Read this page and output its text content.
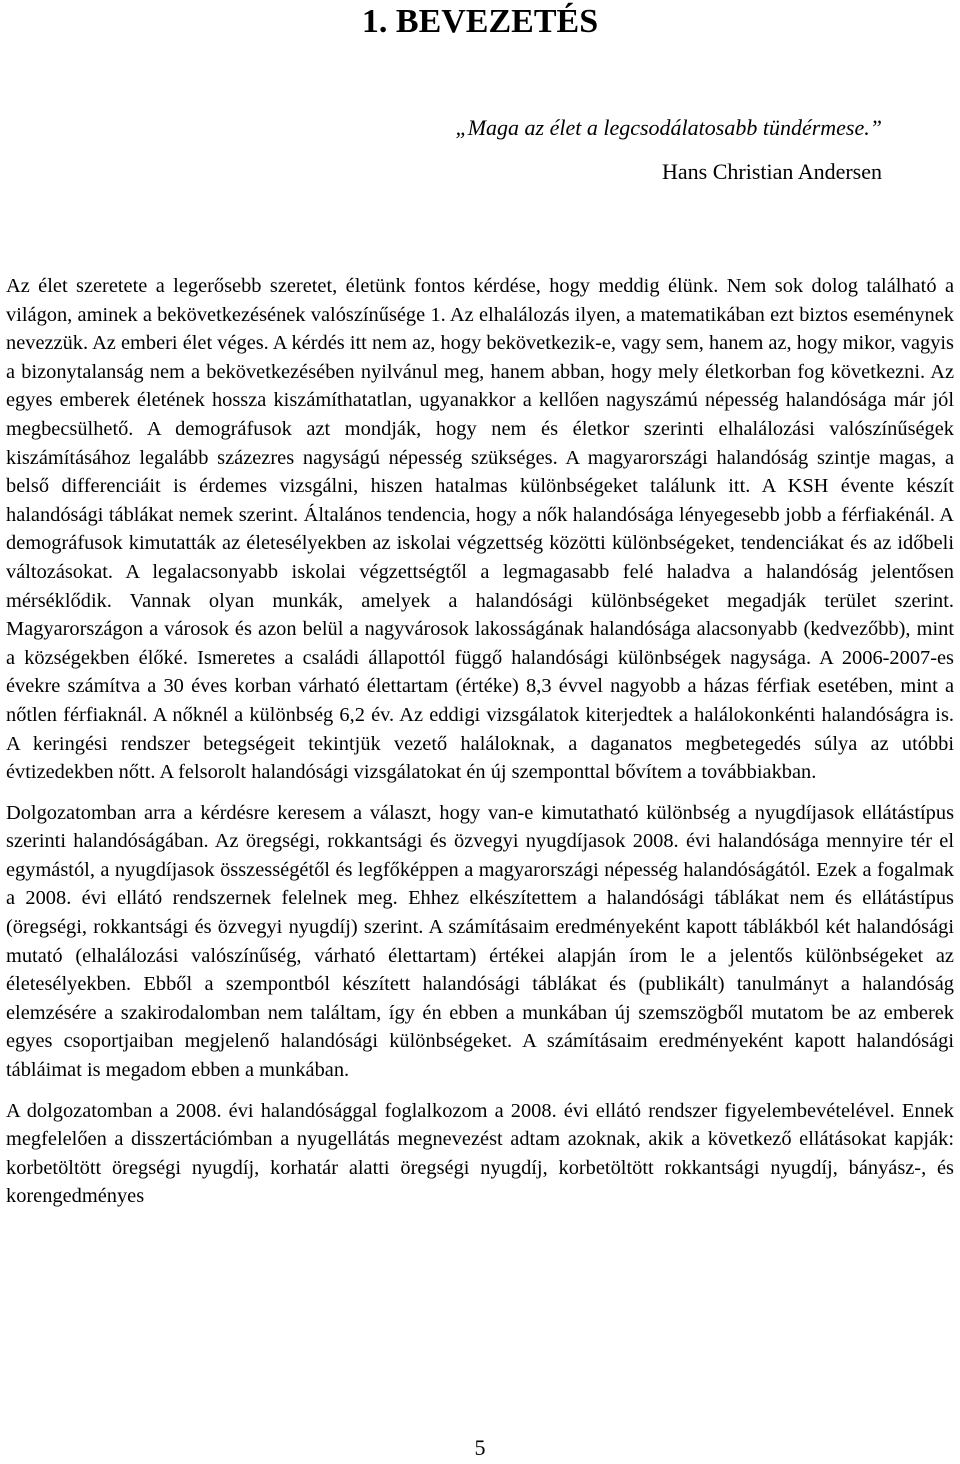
1. BEVEZETÉS
„Maga az élet a legcsodálatosabb tündérmese.”
Hans Christian Andersen

Az élet szeretete a legerősebb szeretet, életünk fontos kérdése, hogy meddig élünk. Nem sok dolog található a világon, aminek a bekövetkezésének valószínűsége 1. Az elhalálozás ilyen, a matematikában ezt biztos eseménynek nevezzük. Az emberi élet véges. A kérdés itt nem az, hogy bekövetkezik-e, vagy sem, hanem az, hogy mikor, vagyis a bizonytalanság nem a bekövetkezésében nyilvánul meg, hanem abban, hogy mely életkorban fog következni. Az egyes emberek életének hossza kiszámíthatatlan, ugyanakkor a kellően nagyszámú népesség halandósága már jól megbecsülhető. A demográfusok azt mondják, hogy nem és életkor szerinti elhalálozási valószínűségek kiszámításához legalább százezres nagyságú népesség szükséges. A magyarországi halandóság szintje magas, a belső differenciáit is érdemes vizsgálni, hiszen hatalmas különbségeket találunk itt. A KSH évente készít halandósági táblákat nemek szerint. Általános tendencia, hogy a nők halandósága lényegesebb jobb a férfiakénál. A demográfusok kimutatták az életesélyekben az iskolai végzettség közötti különbségeket, tendenciákat és az időbeli változásokat. A legalacsonyabb iskolai végzettségtől a legmagasabb felé haladva a halandóság jelentősen mérséklődik. Vannak olyan munkák, amelyek a halandósági különbségeket megadják terület szerint. Magyarországon a városok és azon belül a nagyvárosok lakosságának halandósága alacsonyabb (kedvezőbb), mint a községekben élőké. Ismeretes a családi állapottól függő halandósági különbségek nagysága. A 2006-2007-es évekre számítva a 30 éves korban várható élettartam (értéke) 8,3 évvel nagyobb a házas férfiak esetében, mint a nőtlen férfiaknál. A nőknél a különbség 6,2 év. Az eddigi vizsgálatok kiterjedtek a halálokonkénti halandóságra is. A keringési rendszer betegségeit tekintjük vezető haláloknak, a daganatos megbetegedés súlya az utóbbi évtizedekben nőtt. A felsorolt halandósági vizsgálatokat én új szemponttal bővítem a továbbiakban.

Dolgozatomban arra a kérdésre keresem a választ, hogy van-e kimutatható különbség a nyugdíjasok ellátástípus szerinti halandóságában. Az öregségi, rokkantsági és özvegyi nyugdíjasok 2008. évi halandósága mennyire tér el egymástól, a nyugdíjasok összességétől és legfőképpen a magyarországi népesség halandóságától. Ezek a fogalmak a 2008. évi ellátó rendszernek felelnek meg. Ehhez elkészítettem a halandósági táblákat nem és ellátástípus (öregségi, rokkantsági és özvegyi nyugdíj) szerint. A számításaim eredményeként kapott táblákból két halandósági mutató (elhalálozási valószínűség, várható élettartam) értékei alapján írom le a jelentős különbségeket az életesélyekben. Ebből a szempontból készített halandósági táblákat és (publikált) tanulmányt a halandóság elemzésére a szakirodalomban nem találtam, így én ebben a munkában új szemszögből mutatom be az emberek egyes csoportjaiban megjelenő halandósági különbségeket. A számításaim eredményeként kapott halandósági tábláimat is megadom ebben a munkában.

A dolgozatomban a 2008. évi halandósággal foglalkozom a 2008. évi ellátó rendszer figyelembevételével. Ennek megfelelően a disszertációmban a nyugellátás megnevezést adtam azoknak, akik a következő ellátásokat kapják: korbetöltött öregségi nyugdíj, korhatár alatti öregségi nyugdíj, korbetöltött rokkantsági nyugdíj, bányász-, és korengedményes

5
